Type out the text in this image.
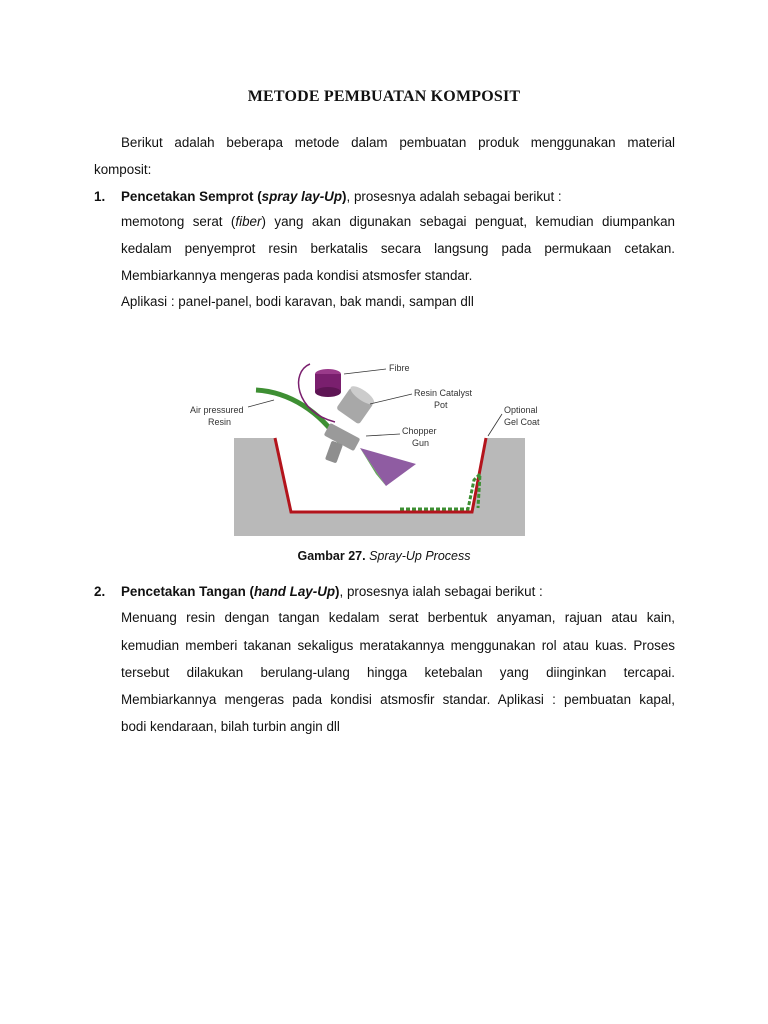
METODE PEMBUATAN KOMPOSIT
Berikut adalah beberapa metode dalam pembuatan produk menggunakan material
komposit:
1. Pencetakan Semprot (spray lay-Up), prosesnya adalah sebagai berikut :
memotong serat (fiber) yang akan digunakan sebagai penguat, kemudian diumpankan
kedalam penyemprot resin berkatalis secara langsung pada permukaan cetakan.
Membiarkannya mengeras pada kondisi atsmosfer standar.
Aplikasi : panel-panel, bodi karavan, bak mandi, sampan dll
Fibre
Resin Catalyst
Pot
Air pressured
Resin
Chopper
Gun
Optional
Gel Coat
Gambar 27. Spray-Up Process
2. Pencetakan Tangan (hand Lay-Up), prosesnya ialah sebagai berikut :
Menuang resin dengan tangan kedalam serat berbentuk anyaman, rajuan atau kain,
kemudian memberi takanan sekaligus meratakannya menggunakan rol atau kuas. Proses
tersebut dilakukan berulang-ulang hingga ketebalan yang diinginkan tercapai.
Membiarkannya mengeras pada kondisi atsmosfir standar. Aplikasi : pembuatan kapal,
bodi kendaraan, bilah turbin angin dll
